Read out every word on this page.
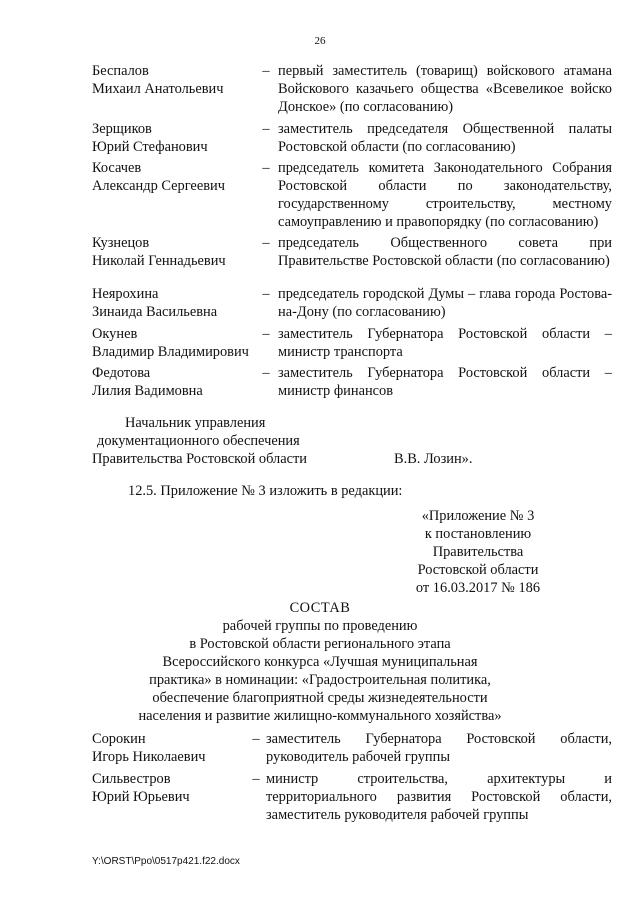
26
Беспалов
Михаил Анатольевич
– первый заместитель (товарищ) войскового атамана Войскового казачьего общества «Всевеликое войско Донское» (по согласованию)
Зерщиков
Юрий Стефанович
– заместитель председателя Общественной палаты Ростовской области (по согласованию)
Косачев
Александр Сергеевич
– председатель комитета Законодательного Собрания Ростовской области по законодательству, государственному строительству, местному самоуправлению и правопорядку (по согласованию)
Кузнецов
Николай Геннадьевич
– председатель Общественного совета при Правительстве Ростовской области (по согласованию)
Неярохина
Зинаида Васильевна
– председатель городской Думы – глава города Ростова-на-Дону (по согласованию)
Окунев
Владимир Владимирович
– заместитель Губернатора Ростовской области – министр транспорта
Федотова
Лилия Вадимовна
– заместитель Губернатора Ростовской области – министр финансов
Начальник управления
документационного обеспечения
Правительства Ростовской области	В.В. Лозин».
12.5. Приложение № 3 изложить в редакции:
«Приложение № 3
к постановлению
Правительства
Ростовской области
от 16.03.2017 № 186
СОСТАВ
рабочей группы по проведению
в Ростовской области регионального этапа
Всероссийского конкурса «Лучшая муниципальная
практика» в номинации: «Градостроительная политика,
обеспечение благоприятной среды жизнедеятельности
населения и развитие жилищно-коммунального хозяйства»
Сорокин
Игорь Николаевич
– заместитель Губернатора Ростовской области, руководитель рабочей группы
Сильвестров
Юрий Юрьевич
– министр строительства, архитектуры и территориального развития Ростовской области, заместитель руководителя рабочей группы
Y:\ORST\Ppo\0517p421.f22.docx
